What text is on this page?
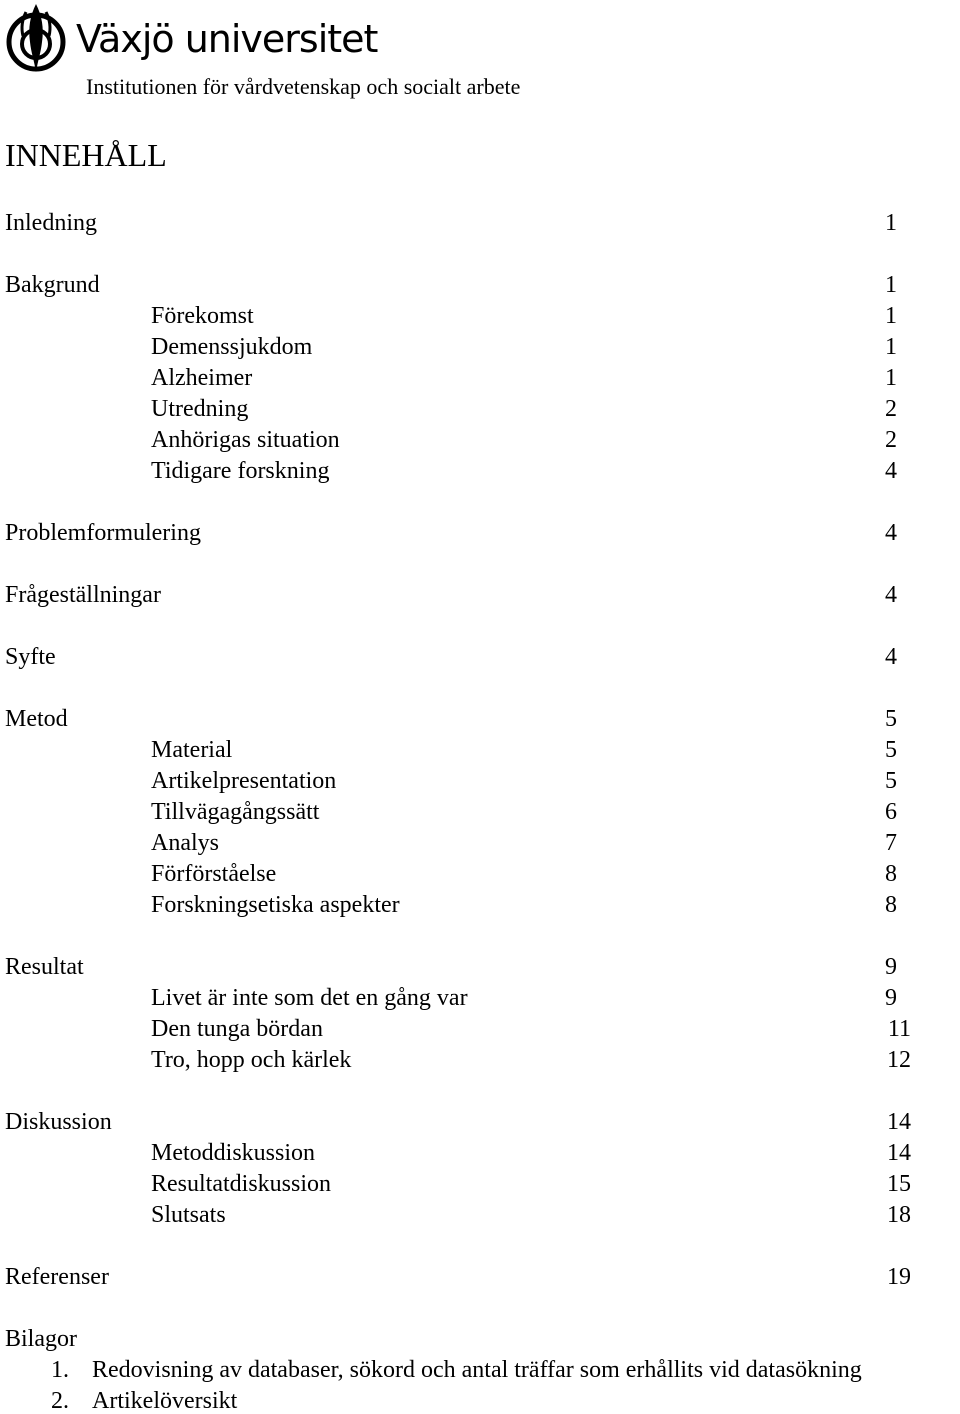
Växjö universitet
Institutionen för vårdvetenskap och socialt arbete
INNEHÅLL
Inledning	1
Bakgrund	1
Förekomst	1
Demenssjukdom	1
Alzheimer	1
Utredning	2
Anhörigas situation	2
Tidigare forskning	4
Problemformulering	4
Frågeställningar	4
Syfte	4
Metod	5
Material	5
Artikelpresentation	5
Tillvägagångssätt	6
Analys	7
Förförståelse	8
Forskningsetiska aspekter	8
Resultat	9
Livet är inte som det en gång var	9
Den tunga bördan	11
Tro, hopp och kärlek	12
Diskussion	14
Metoddiskussion	14
Resultatdiskussion	15
Slutsats	18
Referenser	19
Bilagor
1. Redovisning av databaser, sökord och antal träffar som erhållits vid datasökning
2. Artikelöversikt
